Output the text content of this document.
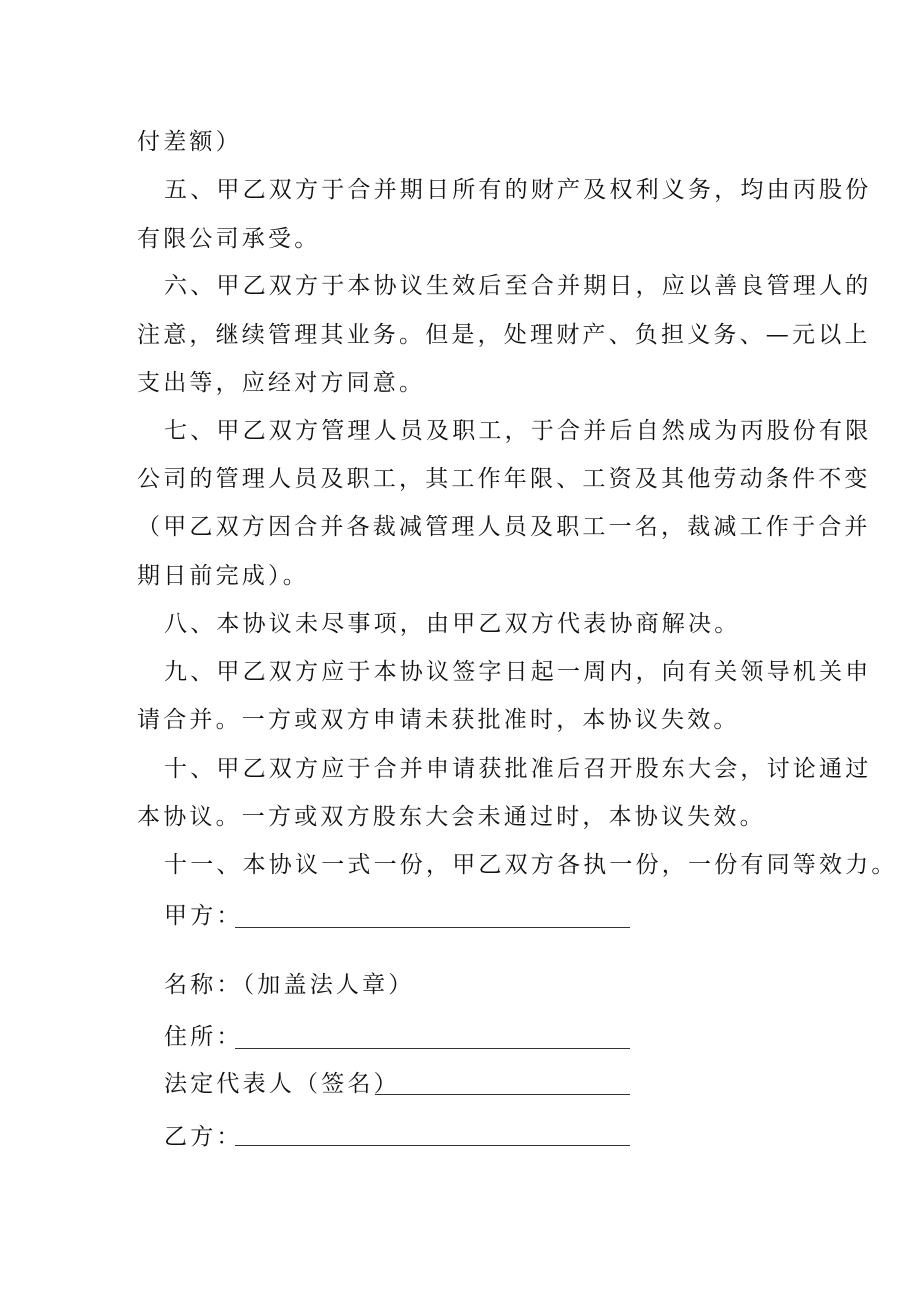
付差额）
五、甲乙双方于合并期日所有的财产及权利义务，均由丙股份
有限公司承受。
六、甲乙双方于本协议生效后至合并期日，应以善良管理人的
注意，继续管理其业务。但是，处理财产、负担义务、—元以上
支出等，应经对方同意。
七、甲乙双方管理人员及职工，于合并后自然成为丙股份有限
公司的管理人员及职工，其工作年限、工资及其他劳动条件不变
（甲乙双方因合并各裁减管理人员及职工一名，裁减工作于合并
期日前完成）。
八、本协议未尽事项，由甲乙双方代表协商解决。
九、甲乙双方应于本协议签字日起一周内，向有关领导机关申
请合并。一方或双方申请未获批准时，本协议失效。
十、甲乙双方应于合并申请获批准后召开股东大会，讨论通过
本协议。一方或双方股东大会未通过时，本协议失效。
十一、本协议一式一份，甲乙双方各执一份，一份有同等效力。
甲方：
名称：（加盖法人章）
住所：
法定代表人（签名）
乙方：
